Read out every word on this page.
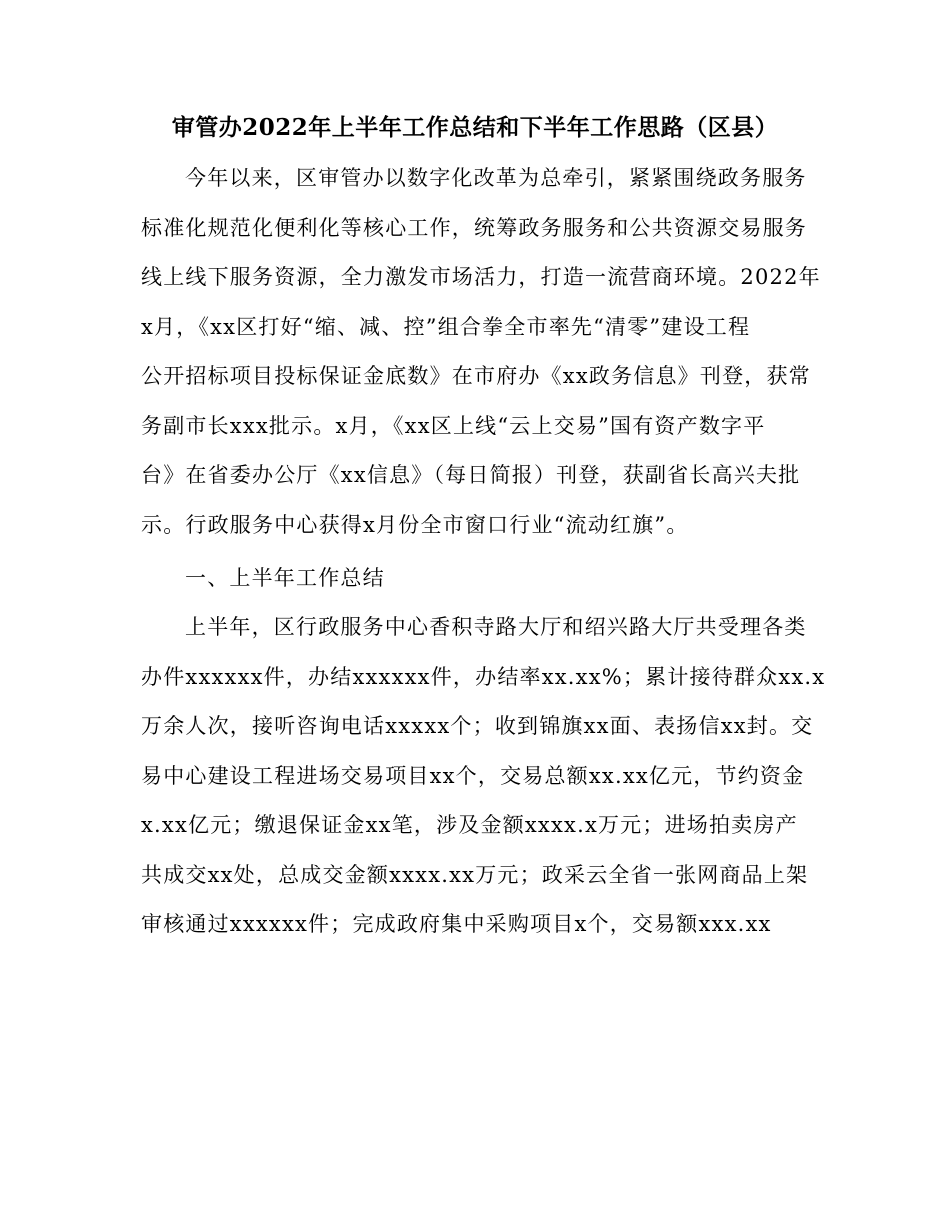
审管办2022年上半年工作总结和下半年工作思路（区县）
今年以来，区审管办以数字化改革为总牵引，紧紧围绕政务服务
标准化规范化便利化等核心工作，统筹政务服务和公共资源交易服务
线上线下服务资源，全力激发市场活力，打造一流营商环境。2022年
x月，《xx区打好“缩、减、控”组合拳全市率先“清零”建设工程
公开招标项目投标保证金底数》在市府办《xx政务信息》刊登，获常
务副市长xxx批示。x月，《xx区上线“云上交易”国有资产数字平
台》在省委办公厅《xx信息》（每日简报）刊登，获副省长高兴夫批
示。行政服务中心获得x月份全市窗口行业“流动红旗”。
一、上半年工作总结
上半年，区行政服务中心香积寺路大厅和绍兴路大厅共受理各类
办件xxxxxx件，办结xxxxxx件，办结率xx.xx%；累计接待群众xx.x
万余人次，接听咨询电话xxxxx个；收到锦旗xx面、表扬信xx封。交
易中心建设工程进场交易项目xx个，交易总额xx.xx亿元，节约资金
x.xx亿元；缴退保证金xx笔，涉及金额xxxx.x万元；进场拍卖房产
共成交xx处，总成交金额xxxx.xx万元；政采云全省一张网商品上架
审核通过xxxxxx件；完成政府集中采购项目x个，交易额xxx.xx
